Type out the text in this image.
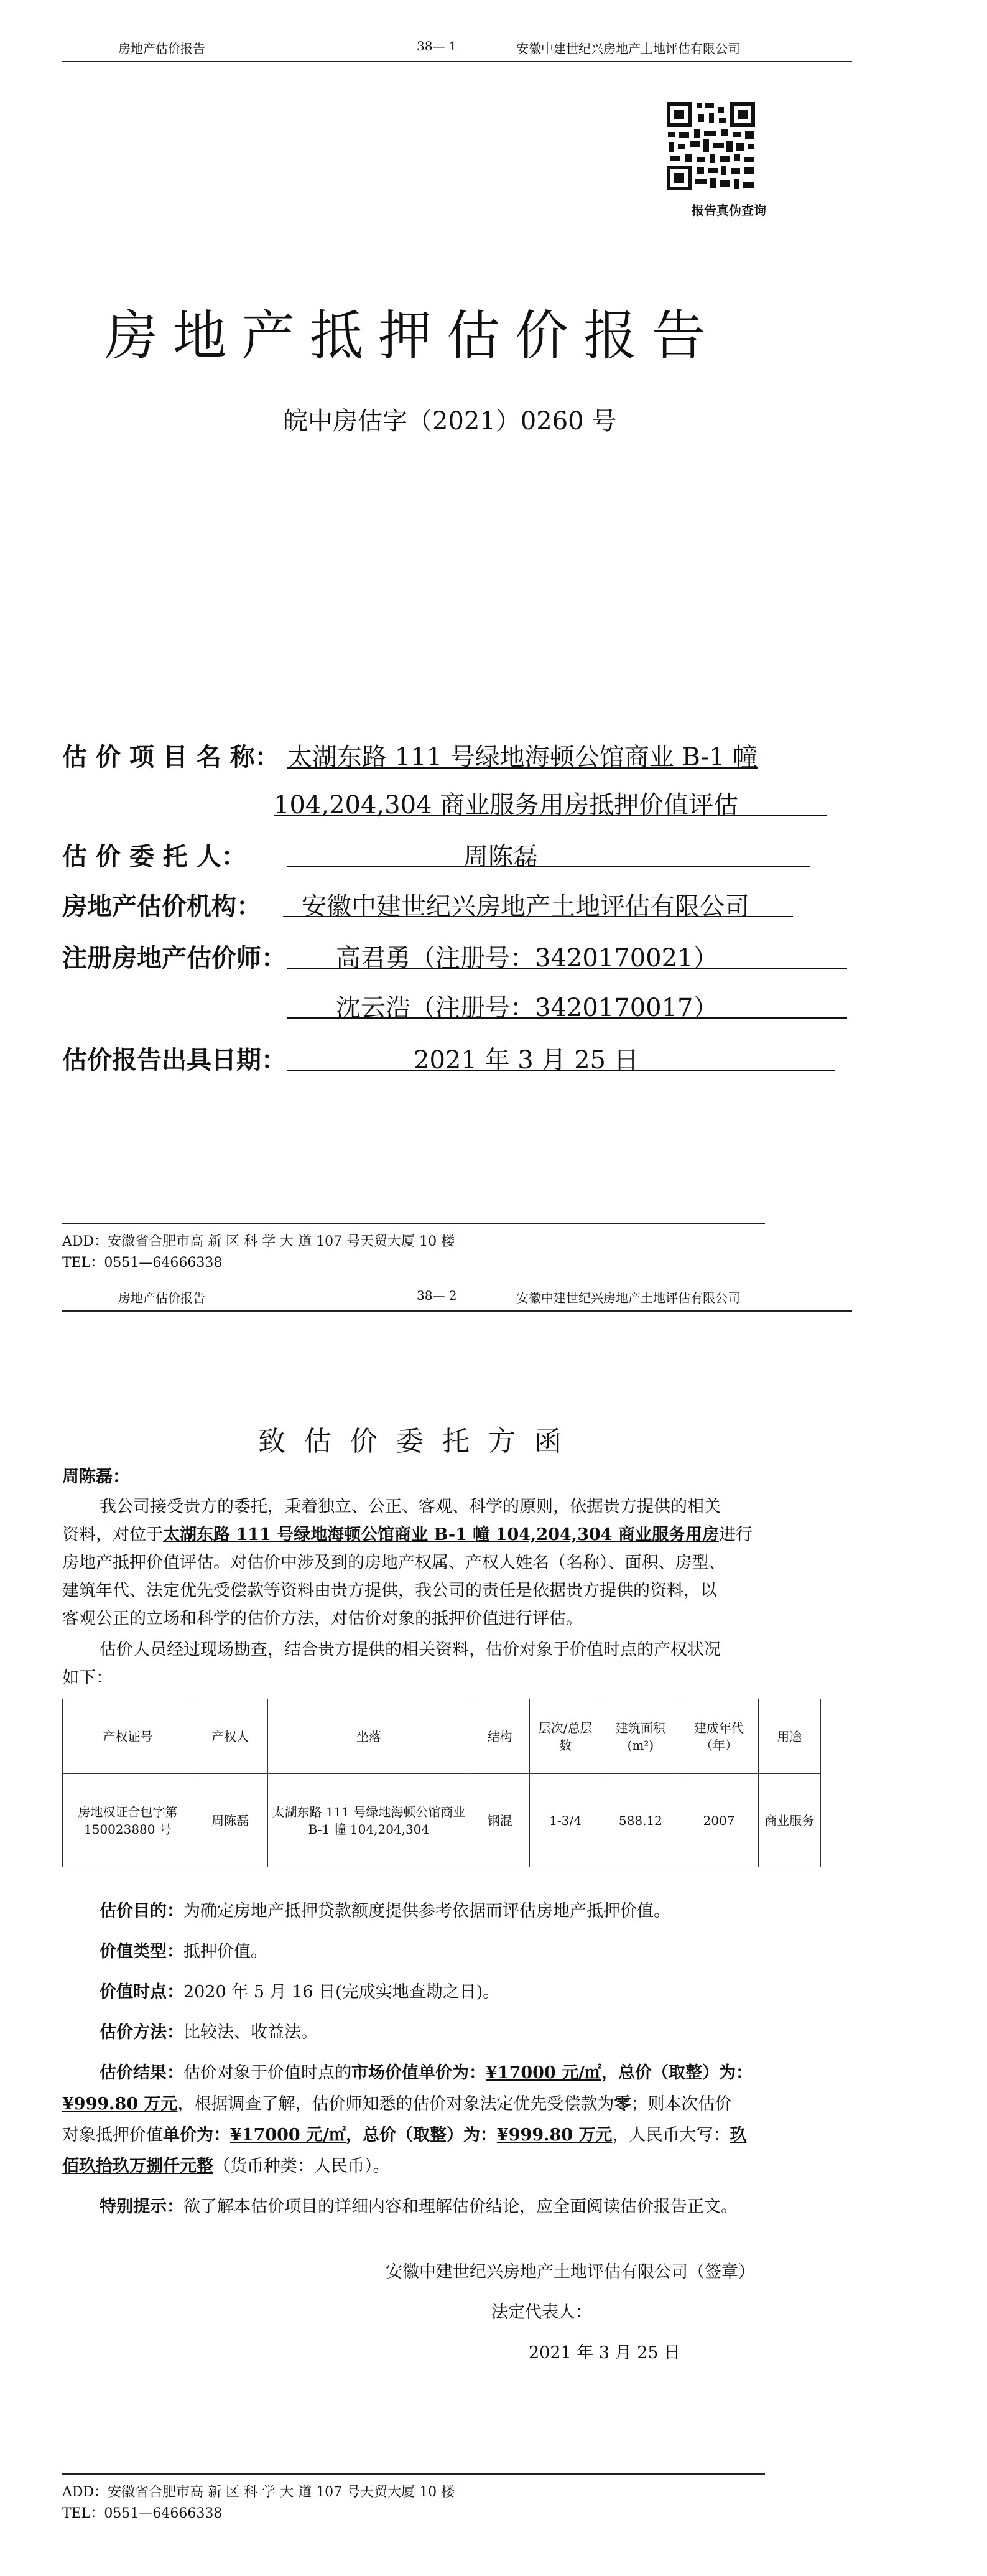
房地产估价报告	38— 1	安徽中建世纪兴房地产土地评估有限公司
报告真伪查询
房地产抵押估价报告
皖中房估字（2021）0260 号
估 价 项 目 名 称： 太湖东路 111 号绿地海顿公馆商业 B-1 幢
104,204,304 商业服务用房抵押价值评估
估 价 委 托 人：	周陈磊
房地产估价机构： 安徽中建世纪兴房地产土地评估有限公司
注册房地产估价师： 高君勇（注册号：3420170021）
沈云浩（注册号：3420170017）
估价报告出具日期：	2021 年 3 月 25 日
ADD：安徽省合肥市高 新 区 科 学 大 道 107 号天贸大厦 10 楼
TEL：0551—64666338
房地产估价报告	38— 2	安徽中建世纪兴房地产土地评估有限公司
致估价委托方函
周陈磊：
我公司接受贵方的委托，秉着独立、公正、客观、科学的原则，依据贵方提供的相关
资料，对位于太湖东路 111 号绿地海顿公馆商业 B-1 幢 104,204,304 商业服务用房进行
房地产抵押价值评估。对估价中涉及到的房地产权属、产权人姓名（名称）、面积、房型、
建筑年代、法定优先受偿款等资料由贵方提供，我公司的责任是依据贵方提供的资料，以
客观公正的立场和科学的估价方法，对估价对象的抵押价值进行评估。
估价人员经过现场勘查，结合贵方提供的相关资料，估价对象于价值时点的产权状况
如下：
产权证号	产权人	坐落	结构	层次/总层数	建筑面积(m²)	建成年代（年）	用途
房地权证合包字第 150023880 号	周陈磊	太湖东路 111 号绿地海顿公馆商业 B-1 幢 104,204,304	钢混	1-3/4	588.12	2007	商业服务
估价目的：为确定房地产抵押贷款额度提供参考依据而评估房地产抵押价值。
价值类型：抵押价值。
价值时点：2020 年 5 月 16 日(完成实地查勘之日)。
估价方法：比较法、收益法。
估价结果：估价对象于价值时点的市场价值单价为：¥17000 元/㎡，总价（取整）为：
¥999.80 万元，根据调查了解，估价师知悉的估价对象法定优先受偿款为零；则本次估价
对象抵押价值单价为：¥17000 元/㎡，总价（取整）为：¥999.80 万元，人民币大写：玖
佰玖拾玖万捌仟元整（货币种类：人民币）。
特别提示：欲了解本估价项目的详细内容和理解估价结论，应全面阅读估价报告正文。
安徽中建世纪兴房地产土地评估有限公司（签章）
法定代表人：
2021 年 3 月 25 日
ADD：安徽省合肥市高 新 区 科 学 大 道 107 号天贸大厦 10 楼
TEL：0551—64666338
